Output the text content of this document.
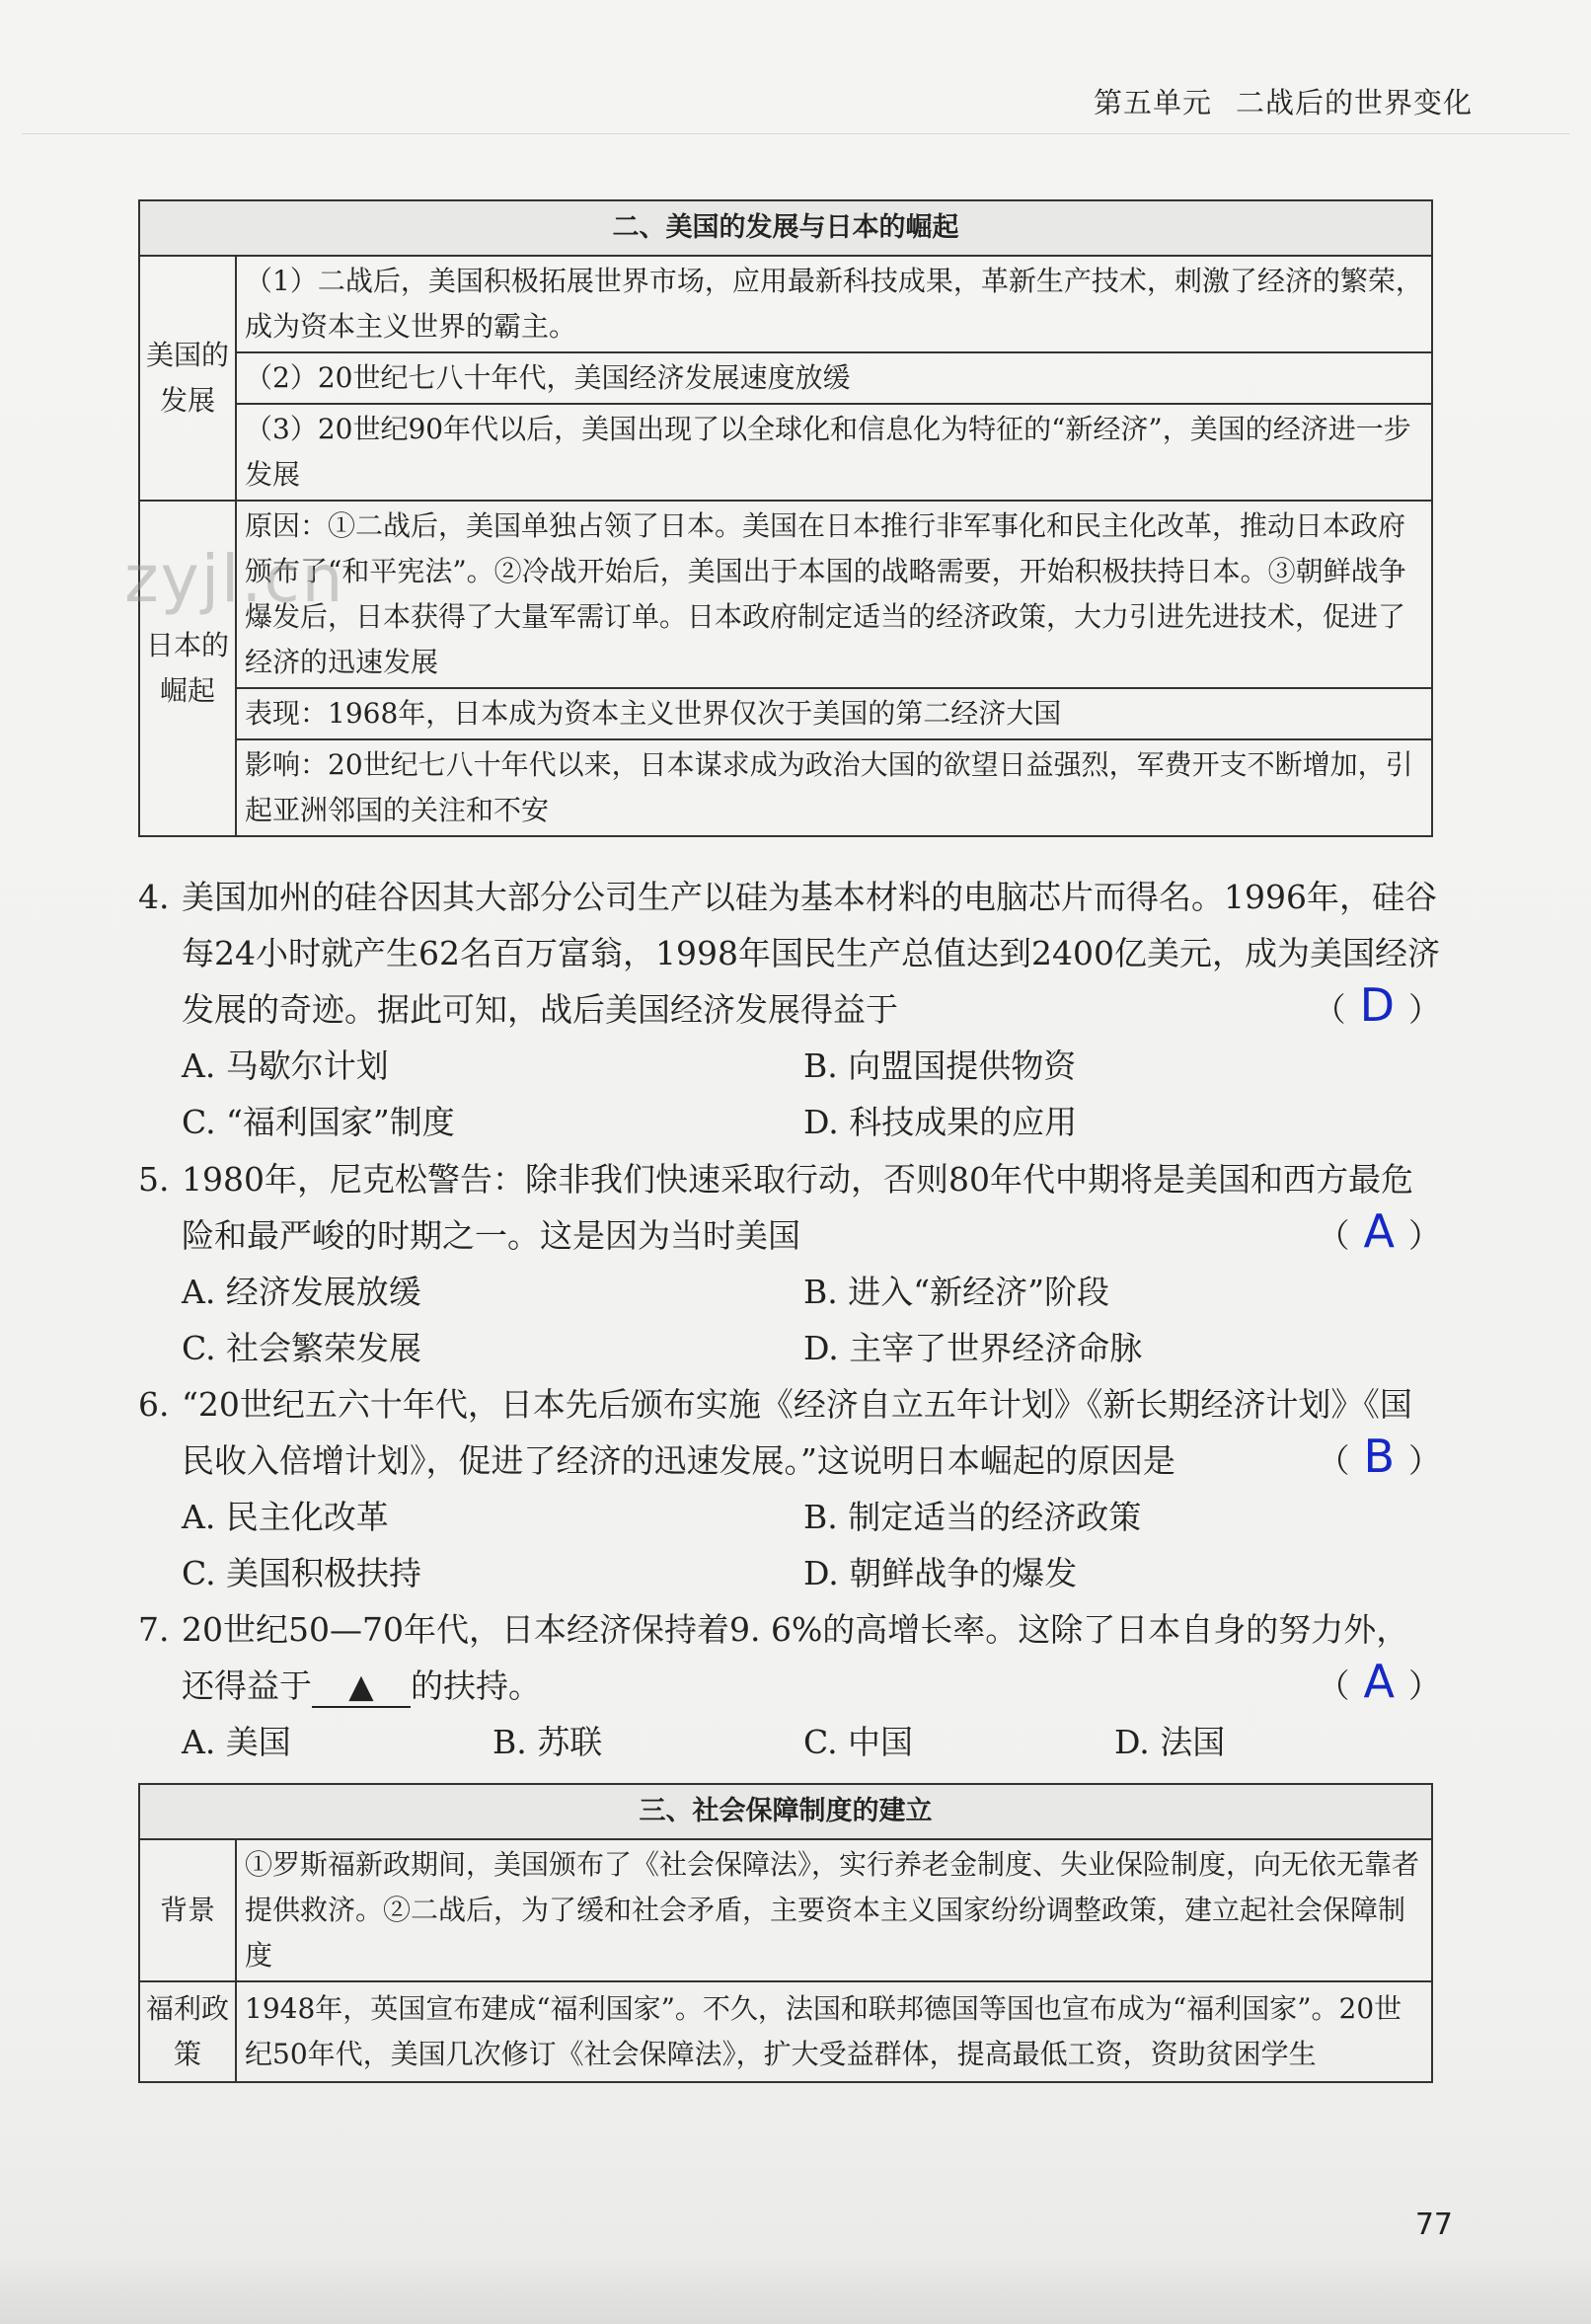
第五单元 二战后的世界变化
二、美国的发展与日本的崛起	
美国的发展	（1）二战后，美国积极拓展世界市场，应用最新科技成果，革新生产技术，刺激了经济的繁荣，成为资本主义世界的霸主。
	（2）20世纪七八十年代，美国经济发展速度放缓
	（3）20世纪90年代以后，美国出现了以全球化和信息化为特征的“新经济”，美国的经济进一步发展
日本的崛起	原因：①二战后，美国单独占领了日本。美国在日本推行非军事化和民主化改革，推动日本政府颁布了“和平宪法”。②冷战开始后，美国出于本国的战略需要，开始积极扶持日本。③朝鲜战争爆发后，日本获得了大量军需订单。日本政府制定适当的经济政策，大力引进先进技术，促进了经济的迅速发展
	表现：1968年，日本成为资本主义世界仅次于美国的第二经济大国
	影响：20世纪七八十年代以来，日本谋求成为政治大国的欲望日益强烈，军费开支不断增加，引起亚洲邻国的关注和不安
zyjl.cn
4. 美国加州的硅谷因其大部分公司生产以硅为基本材料的电脑芯片而得名。1996年，硅谷每24小时就产生62名百万富翁，1998年国民生产总值达到2400亿美元，成为美国经济发展的奇迹。据此可知，战后美国经济发展得益于	（ D ）
A. 马歇尔计划	B. 向盟国提供物资
C. “福利国家”制度	D. 科技成果的应用
5. 1980年，尼克松警告：除非我们快速采取行动，否则80年代中期将是美国和西方最危险和最严峻的时期之一。这是因为当时美国	（ A ）
A. 经济发展放缓	B. 进入“新经济”阶段
C. 社会繁荣发展	D. 主宰了世界经济命脉
6. “20世纪五六十年代，日本先后颁布实施《经济自立五年计划》《新长期经济计划》《国民收入倍增计划》，促进了经济的迅速发展。”这说明日本崛起的原因是	（ B ）
A. 民主化改革	B. 制定适当的经济政策
C. 美国积极扶持	D. 朝鲜战争的爆发
7. 20世纪50—70年代，日本经济保持着9. 6%的高增长率。这除了日本自身的努力外，还得益于 ▲ 的扶持。	（ A ）
A. 美国	B. 苏联	C. 中国	D. 法国
三、社会保障制度的建立	
背景	①罗斯福新政期间，美国颁布了《社会保障法》，实行养老金制度、失业保险制度，向无依无靠者提供救济。②二战后，为了缓和社会矛盾，主要资本主义国家纷纷调整政策，建立起社会保障制度
福利政策	1948年，英国宣布建成“福利国家”。不久，法国和联邦德国等国也宣布成为“福利国家”。20世纪50年代，美国几次修订《社会保障法》，扩大受益群体，提高最低工资，资助贫困学生
77
